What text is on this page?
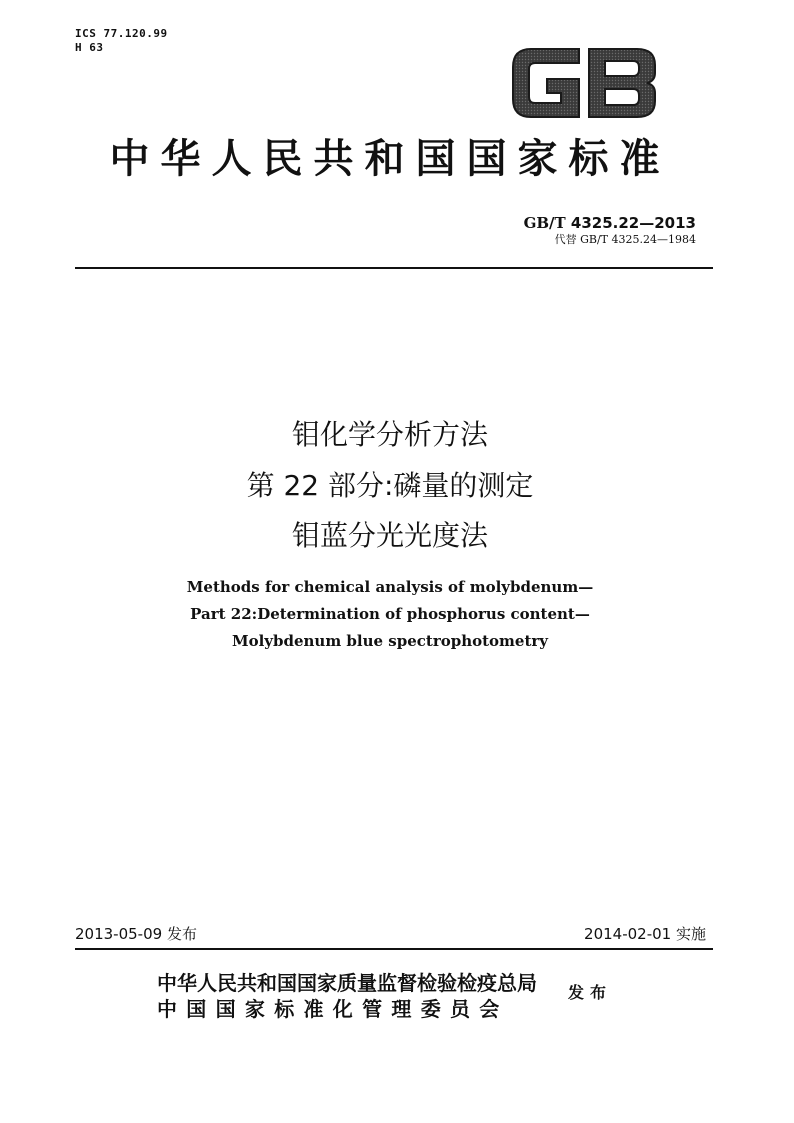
ICS 77.120.99
H 63
中华人民共和国国家标准
GB/T 4325.22—2013
代替 GB/T 4325.24—1984
钼化学分析方法
第 22 部分:磷量的测定
钼蓝分光光度法
Methods for chemical analysis of molybdenum—
Part 22:Determination of phosphorus content—
Molybdenum blue spectrophotometry
2013-05-09 发布	2014-02-01 实施
中华人民共和国国家质量监督检验检疫总局
中国国家标准化管理委员会
发布
